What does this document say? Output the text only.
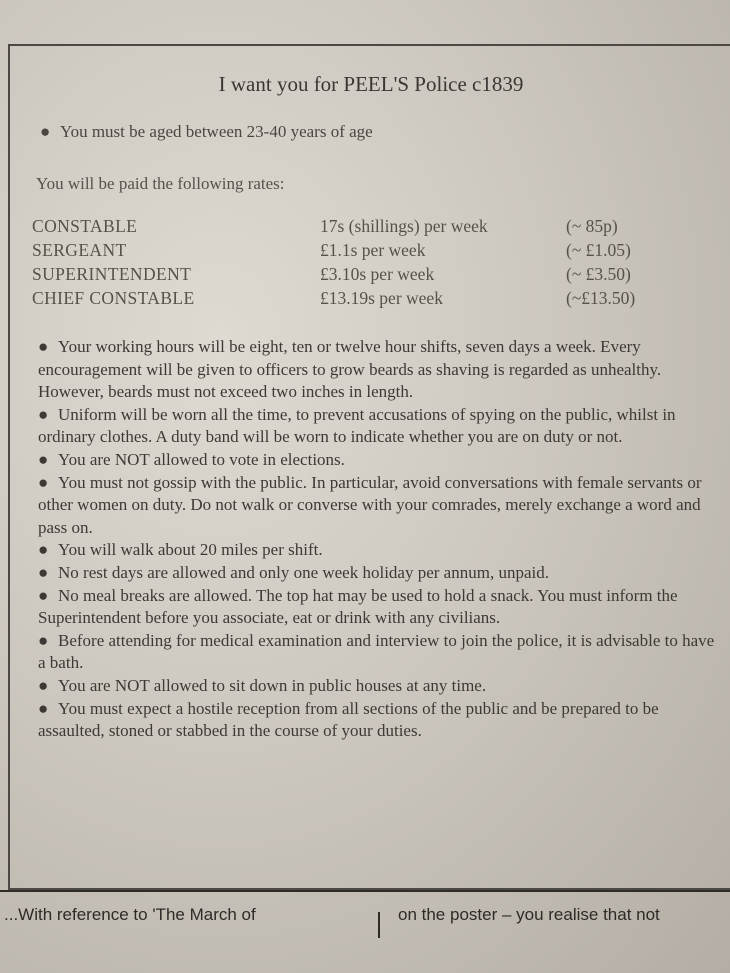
I want you for PEEL'S Police c1839
● You must be aged between 23-40 years of age
You will be paid the following rates:
CONSTABLE	17s (shillings) per week	(~ 85p)
SERGEANT	£1.1s per week	(~ £1.05)
SUPERINTENDENT	£3.10s per week	(~ £3.50)
CHIEF CONSTABLE	£13.19s per week	(~£13.50)

● Your working hours will be eight, ten or twelve hour shifts, seven days a week. Every encouragement will be given to officers to grow beards as shaving is regarded as unhealthy. However, beards must not exceed two inches in length.

● Uniform will be worn all the time, to prevent accusations of spying on the public, whilst in ordinary clothes. A duty band will be worn to indicate whether you are on duty or not.

● You are NOT allowed to vote in elections.

● You must not gossip with the public. In particular, avoid conversations with female servants or other women on duty. Do not walk or converse with your comrades, merely exchange a word and pass on.

● You will walk about 20 miles per shift.

● No rest days are allowed and only one week holiday per annum, unpaid.

● No meal breaks are allowed. The top hat may be used to hold a snack. You must inform the Superintendent before you associate, eat or drink with any civilians.

● Before attending for medical examination and interview to join the police, it is advisable to have a bath.

● You are NOT allowed to sit down in public houses at any time.

● You must expect a hostile reception from all sections of the public and be prepared to be assaulted, stoned or stabbed in the course of your duties.

...With reference to 'The March of	on the poster – you realise that not
